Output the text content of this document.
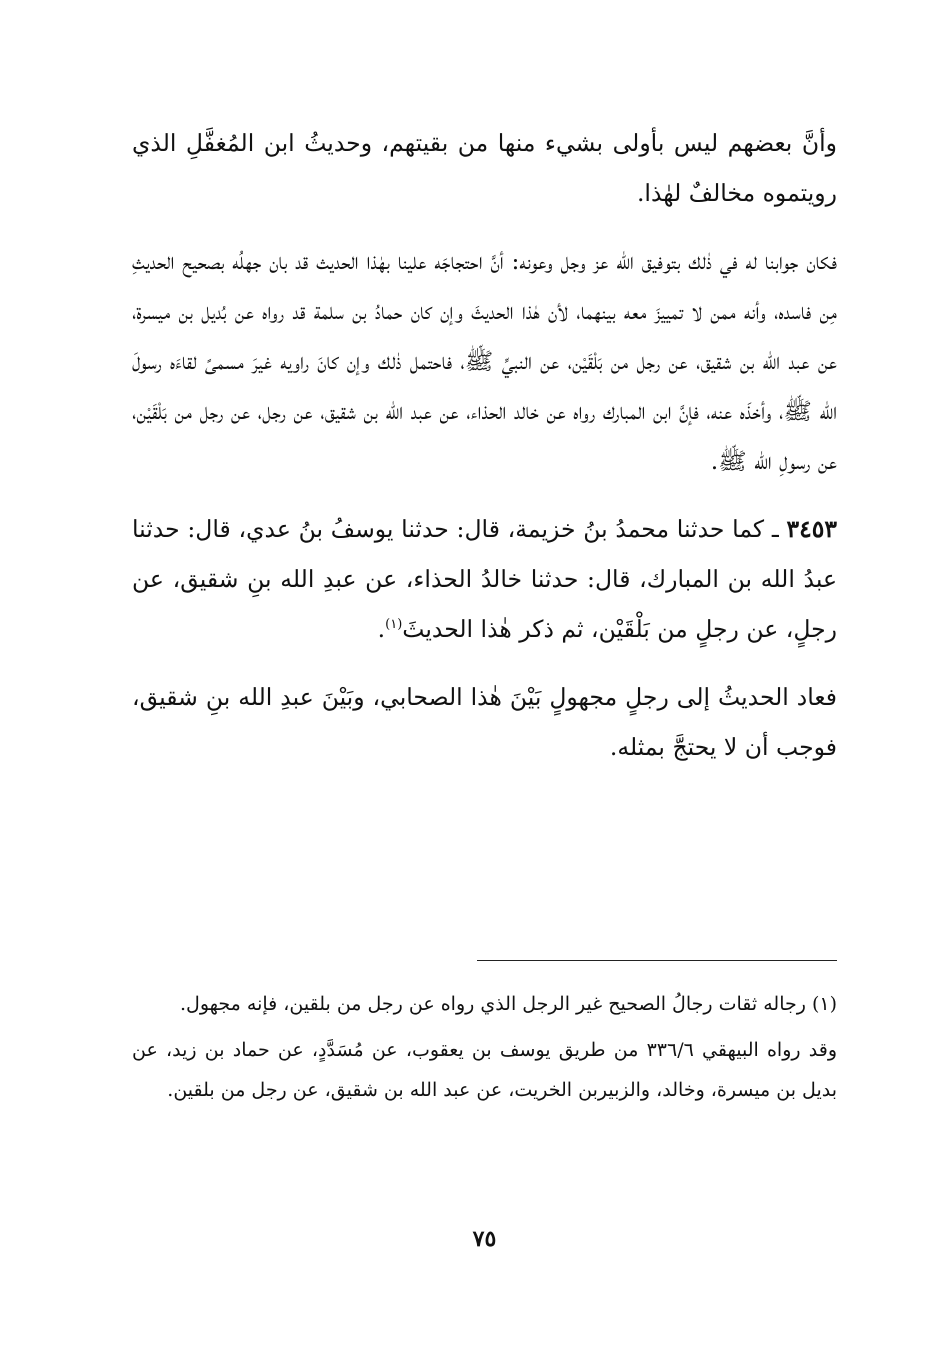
وأنَّ بعضهم ليس بأولى بشيء منها من بقيتهم، وحديثُ ابن المُغفَّلِ الذي رويتموه مخالفٌ لهٰذا.

فكان جوابنا له في ذٰلك بتوفيق الله عز وجل وعونه: أنَّ احتجاجَه علينا بهٰذا الحديث قد بان جهلُه بصحيح الحديثِ مِن فاسده، وأنه ممن لا تمييزَ معه بينهما، لأن هٰذا الحديثَ وإن كان حمادُ بن سلمة قد رواه عن بُديل بن ميسرة، عن عبد الله بن شقيق، عن رجل من بَلْقَيْن، عن النبيِّ ﷺ، فاحتمل ذٰلك وإن كانَ راويه غيرَ مسمىً لقاءَه رسولَ الله ﷺ، وأخذَه عنه، فإنَّ ابن المبارك رواه عن خالد الحذاء، عن عبد الله بن شقيق، عن رجل، عن رجل من بَلْقَيْن، عن رسولِ الله ﷺ.

٣٤٥٣ ـ كما حدثنا محمدُ بنُ خزيمة، قال: حدثنا يوسفُ بنُ عدي، قال: حدثنا عبدُ الله بن المبارك، قال: حدثنا خالدُ الحذاء، عن عبدِ الله بنِ شقيق، عن رجلٍ، عن رجلٍ من بَلْقَيْن، ثم ذكر هٰذا الحديثَ$^{(١)}$.

فعاد الحديثُ إلى رجلٍ مجهولٍ بَيْنَ هٰذا الصحابي، وبَيْنَ عبدِ الله بنِ شقيق، فوجب أن لا يحتجَّ بمثله.

(١) رجاله ثقات رجالُ الصحيح غير الرجل الذي رواه عن رجل من بلقين، فإنه مجهول.

وقد رواه البيهقي ٣٣٦/٦ من طريق يوسف بن يعقوب، عن مُسَدَّدٍ، عن حماد بن زيد، عن بديل بن ميسرة، وخالد، والزبيربن الخريت، عن عبد الله بن شقيق، عن رجل من بلقين.

٧٥
